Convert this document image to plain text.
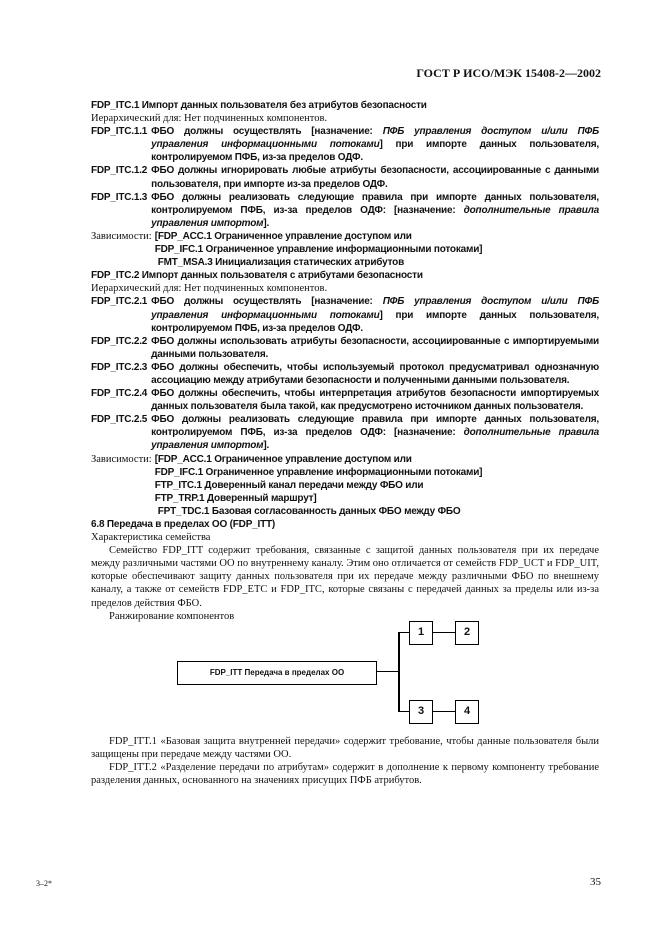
ГОСТ Р ИСО/МЭК 15408-2—2002
FDP_ITC.1 Импорт данных пользователя без атрибутов безопасности
Иерархический для: Нет подчиненных компонентов.
FDP_ITC.1.1 ФБО должны осуществлять [назначение: ПФБ управления доступом и/или ПФБ управления информационными потоками] при импорте данных пользователя, контролируемом ПФБ, из-за пределов ОДФ.
FDP_ITC.1.2 ФБО должны игнорировать любые атрибуты безопасности, ассоциированные с данными пользователя, при импорте из-за пределов ОДФ.
FDP_ITC.1.3 ФБО должны реализовать следующие правила при импорте данных пользователя, контролируемом ПФБ, из-за пределов ОДФ: [назначение: дополнительные правила управления импортом].
Зависимости: [FDP_ACC.1 Ограниченное управление доступом или
FDP_IFC.1 Ограниченное управление информационными потоками]
FMT_MSA.3 Инициализация статических атрибутов
FDP_ITC.2 Импорт данных пользователя с атрибутами безопасности
Иерархический для: Нет подчиненных компонентов.
FDP_ITC.2.1 ФБО должны осуществлять [назначение: ПФБ управления доступом и/или ПФБ управления информационными потоками] при импорте данных пользователя, контролируемом ПФБ, из-за пределов ОДФ.
FDP_ITC.2.2 ФБО должны использовать атрибуты безопасности, ассоциированные с импортируемыми данными пользователя.
FDP_ITC.2.3 ФБО должны обеспечить, чтобы используемый протокол предусматривал однозначную ассоциацию между атрибутами безопасности и полученными данными пользователя.
FDP_ITC.2.4 ФБО должны обеспечить, чтобы интерпретация атрибутов безопасности импортируемых данных пользователя была такой, как предусмотрено источником данных пользователя.
FDP_ITC.2.5 ФБО должны реализовать следующие правила при импорте данных пользователя, контролируемом ПФБ, из-за пределов ОДФ: [назначение: дополнительные правила управления импортом].
Зависимости: [FDP_ACC.1 Ограниченное управление доступом или
FDP_IFC.1 Ограниченное управление информационными потоками]
FTP_ITC.1 Доверенный канал передачи между ФБО или
FTP_TRP.1 Доверенный маршрут]
FPT_TDC.1 Базовая согласованность данных ФБО между ФБО
6.8 Передача в пределах ОО (FDP_ITT)
Характеристика семейства
Семейство FDP_ITT содержит требования, связанные с защитой данных пользователя при их передаче между различными частями ОО по внутреннему каналу. Этим оно отличается от семейств FDP_UCT и FDP_UIT, которые обеспечивают защиту данных пользователя при их передаче между различными ФБО по внешнему каналу, а также от семейств FDP_ETC и FDP_ITC, которые связаны с передачей данных за пределы или из-за пределов действия ФБО.
Ранжирование компонентов
FDP_ITT Передача в пределах ОО
1	2
3	4
FDP_ITT.1 «Базовая защита внутренней передачи» содержит требование, чтобы данные пользователя были защищены при передаче между частями ОО.
FDP_ITT.2 «Разделение передачи по атрибутам» содержит в дополнение к первому компоненту требование разделения данных, основанного на значениях присущих ПФБ атрибутов.
3–2*	35
